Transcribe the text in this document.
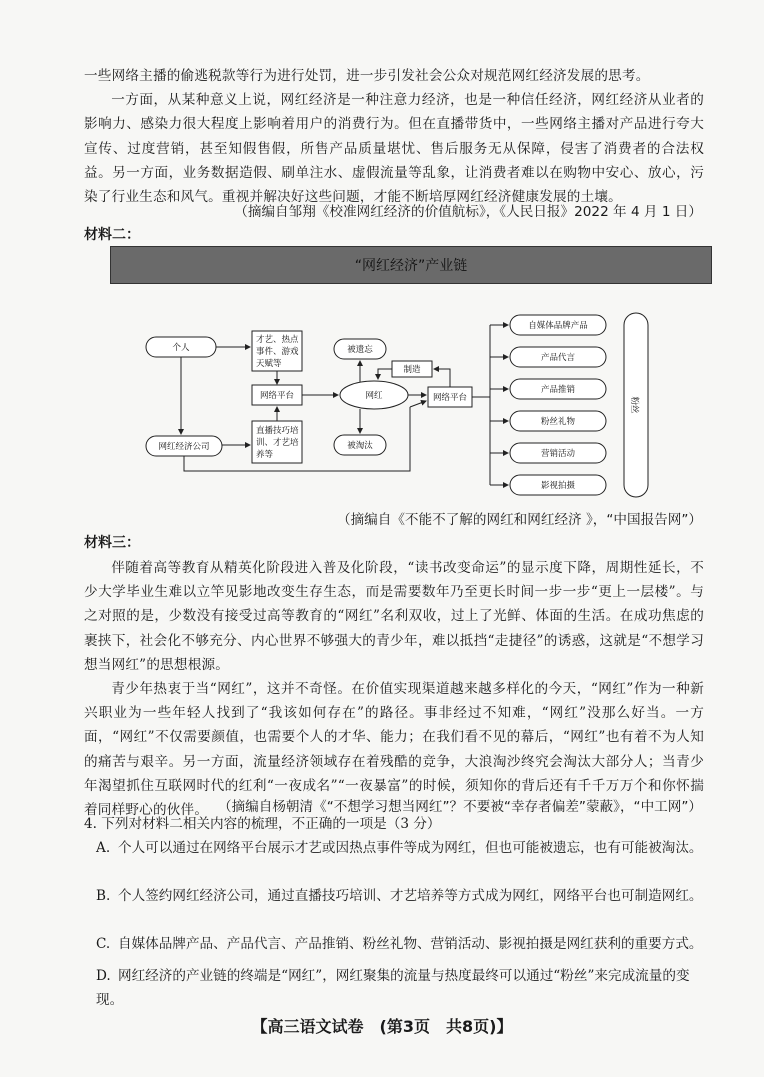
一些网络主播的偷逃税款等行为进行处罚，进一步引发社会公众对规范网红经济发展的思考。
一方面，从某种意义上说，网红经济是一种注意力经济，也是一种信任经济，网红经济从业者的影响力、感染力很大程度上影响着用户的消费行为。但在直播带货中，一些网络主播对产品进行夸大宣传、过度营销，甚至知假售假，所售产品质量堪忧、售后服务无从保障，侵害了消费者的合法权益。另一方面，业务数据造假、刷单注水、虚假流量等乱象，让消费者难以在购物中安心、放心，污染了行业生态和风气。重视并解决好这些问题，才能不断培厚网红经济健康发展的土壤。
（摘编自邹翔《校准网红经济的价值航标》，《人民日报》2022 年 4 月 1 日）
材料二：
“网红经济”产业链
个人
网红经济公司
才艺、热点
事件、游戏
天赋等
网络平台
直播技巧培
训、才艺培
养等
被遗忘
被淘汰
网红
制造
网络平台
自媒体品牌产品
产品代言
产品推销
粉丝礼物
营销活动
影视拍摄
粉丝
（摘编自《不能不了解的网红和网红经济 》，“中国报告网”）
材料三：
伴随着高等教育从精英化阶段进入普及化阶段，“读书改变命运”的显示度下降，周期性延长，不少大学毕业生难以立竿见影地改变生存生态，而是需要数年乃至更长时间一步一步“更上一层楼”。与之对照的是，少数没有接受过高等教育的“网红”名利双收，过上了光鲜、体面的生活。在成功焦虑的裹挟下，社会化不够充分、内心世界不够强大的青少年，难以抵挡“走捷径”的诱惑，这就是“不想学习想当网红”的思想根源。
青少年热衷于当“网红”，这并不奇怪。在价值实现渠道越来越多样化的今天，“网红”作为一种新兴职业为一些年轻人找到了“我该如何存在”的路径。事非经过不知难，“网红”没那么好当。一方面，“网红”不仅需要颜值，也需要个人的才华、能力；在我们看不见的幕后，“网红”也有着不为人知的痛苦与艰辛。另一方面，流量经济领域存在着残酷的竞争，大浪淘沙终究会淘汰大部分人；当青少年渴望抓住互联网时代的红利“一夜成名”“一夜暴富”的时候，须知你的背后还有千千万万个和你怀揣着同样野心的伙伴。 （摘编自杨朝清《“不想学习想当网红”？不要被“幸存者偏差”蒙蔽》，“中工网”）
4. 下列对材料二相关内容的梳理，不正确的一项是（3 分）
A. 个人可以通过在网络平台展示才艺或因热点事件等成为网红，但也可能被遗忘，也有可能被淘汰。
B. 个人签约网红经济公司，通过直播技巧培训、才艺培养等方式成为网红，网络平台也可制造网红。
C. 自媒体品牌产品、产品代言、产品推销、粉丝礼物、营销活动、影视拍摄是网红获利的重要方式。
D. 网红经济的产业链的终端是“网红”，网红聚集的流量与热度最终可以通过“粉丝”来完成流量的变现。
【高三语文试卷　(第3页　共8页)】
